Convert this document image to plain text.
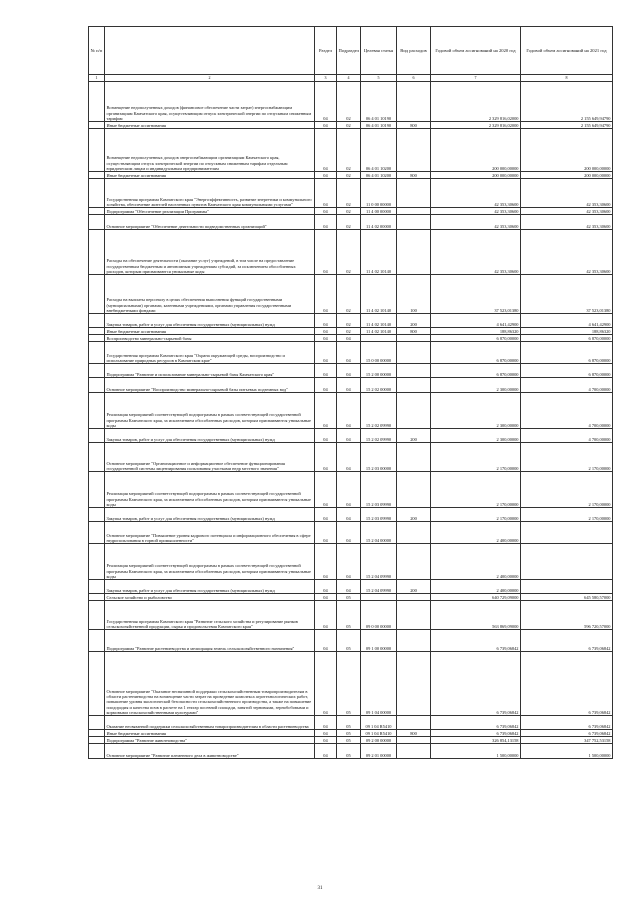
№ п/п		Раздел	Подраздел	Целевая статья	Вид расходов	Годовой объем ассигнований на 2020 год	Годовой объем ассигнований на 2021 год
1	2	3	4	5	6	7	8
	Возмещение недополученных доходов (финансовое обеспечение части затрат) энергоснабжающим организациям Камчатского края, осуществляющим отпуск электрической энергии по отпускным сниженным тарифам	04	02	06 4 01 10190		2 329 816,02000	2 155 649,94790
	Иные бюджетные ассигнования	04	02	06 4 01 10190	800	2 329 816,02000	2 155 649,94790
	Возмещение недополученных доходов энергоснабжающим организациям Камчатского края, осуществляющим отпуск электрической энергии по отпускным сниженным тарифам отдельным юридическим лицам и индивидуальным предпринимателям	04	02	06 4 01 10200		200 000,00000	200 000,00000
	Иные бюджетные ассигнования	04	02	06 4 01 10200	800	200 000,00000	200 000,00000
	Государственная программа Камчатского края "Энергоэффективность, развитие энергетики и коммунального хозяйства, обеспечение жителей населенных пунктов Камчатского края коммунальными услугами"	04	02	11 0 00 00000		42 353,30600	42 353,30600
	Подпрограмма "Обеспечение реализации Программы"	04	02	11 4 00 00000		42 353,30600	42 353,30600
	Основное мероприятие "Обеспечение деятельности подведомственных организаций"	04	02	11 4 02 00000		42 353,30600	42 353,30600
	Расходы на обеспечение деятельности (оказание услуг) учреждений, в том числе на предоставление государственным бюджетным и автономным учреждениям субсидий, за исключением обособленных расходов, которым присваиваются уникальные коды	04	02	11 4 02 10140		42 353,30600	42 353,30600
	Расходы на выплаты персоналу в целях обеспечения выполнения функций государственными (муниципальными) органами, казенными учреждениями, органами управления государственными внебюджетными фондами	04	02	11 4 02 10140	100	37 523,01380	37 523,01380
	Закупка товаров, работ и услуг для обеспечения государственных (муниципальных) нужд	04	02	11 4 02 10140	200	4 641,42900	4 641,42900
	Иные бюджетные ассигнования	04	02	11 4 02 10140	800	188,86320	188,86320
	Воспроизводство минерально-сырьевой базы	04	04			6 870,00000	6 870,00000
	Государственная программа Камчатского края "Охрана окружающей среды, воспроизводство и использование природных ресурсов в Камчатском крае"	04	04	15 0 00 00000		6 870,00000	6 870,00000
	Подпрограмма "Развитие и использование минерально-сырьевой базы Камчатского края"	04	04	15 2 00 00000		6 870,00000	6 870,00000
	Основное мероприятие "Воспроизводство минерально-сырьевой базы питьевых подземных вод"	04	04	15 2 02 00000		2 300,00000	4 700,00000
	Реализация мероприятий соответствующей подпрограммы в рамках соответствующей государственной программы Камчатского края, за исключением обособленных расходов, которым присваиваются уникальные коды	04	04	15 2 02 09990		2 300,00000	4 700,00000
	Закупка товаров, работ и услуг для обеспечения государственных (муниципальных) нужд	04	04	15 2 02 09990	200	2 300,00000	4 700,00000
	Основное мероприятие "Организационное и информационное обеспечение функционирования государственной системы лицензирования пользования участками недр местного значения"	04	04	15 2 03 00000		2 170,00000	2 170,00000
	Реализация мероприятий соответствующей подпрограммы в рамках соответствующей государственной программы Камчатского края, за исключением обособленных расходов, которым присваиваются уникальные коды	04	04	15 2 03 09990		2 170,00000	2 170,00000
	Закупка товаров, работ и услуг для обеспечения государственных (муниципальных) нужд	04	04	15 2 03 09990	200	2 170,00000	2 170,00000
	Основное мероприятие "Повышение уровня кадрового потенциала и информационного обеспечения в сфере недропользования в горной промышленности"	04	04	15 2 04 00000		2 400,00000	
	Реализация мероприятий соответствующей подпрограммы в рамках соответствующей государственной программы Камчатского края, за исключением обособленных расходов, которым присваиваются уникальные коды	04	04	15 2 04 09990		2 400,00000	
	Закупка товаров, работ и услуг для обеспечения государственных (муниципальных) нужд	04	04	15 2 04 09990	200	2 400,00000	
	Сельское хозяйство и рыболовство	04	05			640 729,09000	645 580,57000
	Государственная программа Камчатского края "Развитие сельского хозяйства и регулирование рынков сельскохозяйственной продукции, сырья и продовольствия Камчатского края"	04	05	09 0 00 00000		563 869,09000	596 720,57000
	Подпрограмма "Развитие растениеводства и мелиорация земель сельскохозяйственного назначения"	04	05	09 1 00 00000		6 739,06842	6 739,06842
	Основное мероприятие "Оказание несвязанной поддержки сельскохозяйственным товаропроизводителям в области растениеводства на возмещение части затрат на проведение комплекса агротехнологических работ, повышение уровня экологической безопасности сельскохозяйственного производства, а также на повышение плодородия и качества почв в расчете на 1 гектар посевной площади, занятой зерновыми, зернобобовыми и кормовыми сельскохозяйственными культурами"	04	05	09 1 04 00000		6 739,06842	6 739,06842
	Оказание несвязанной поддержки сельскохозяйственным товаропроизводителям в области растениеводства	04	05	09 1 04 R5410		6 739,06842	6 739,06842
	Иные бюджетные ассигнования	04	05	09 1 04 R5410	800	6 739,06842	6 739,06842
	Подпрограмма "Развитие животноводства"	04	05	09 2 00 00000		326 854,13158	347 752,53158
	Основное мероприятие "Развитие племенного дела в животноводстве"	04	05	09 2 01 00000		1 500,00000	1 500,00000
31
